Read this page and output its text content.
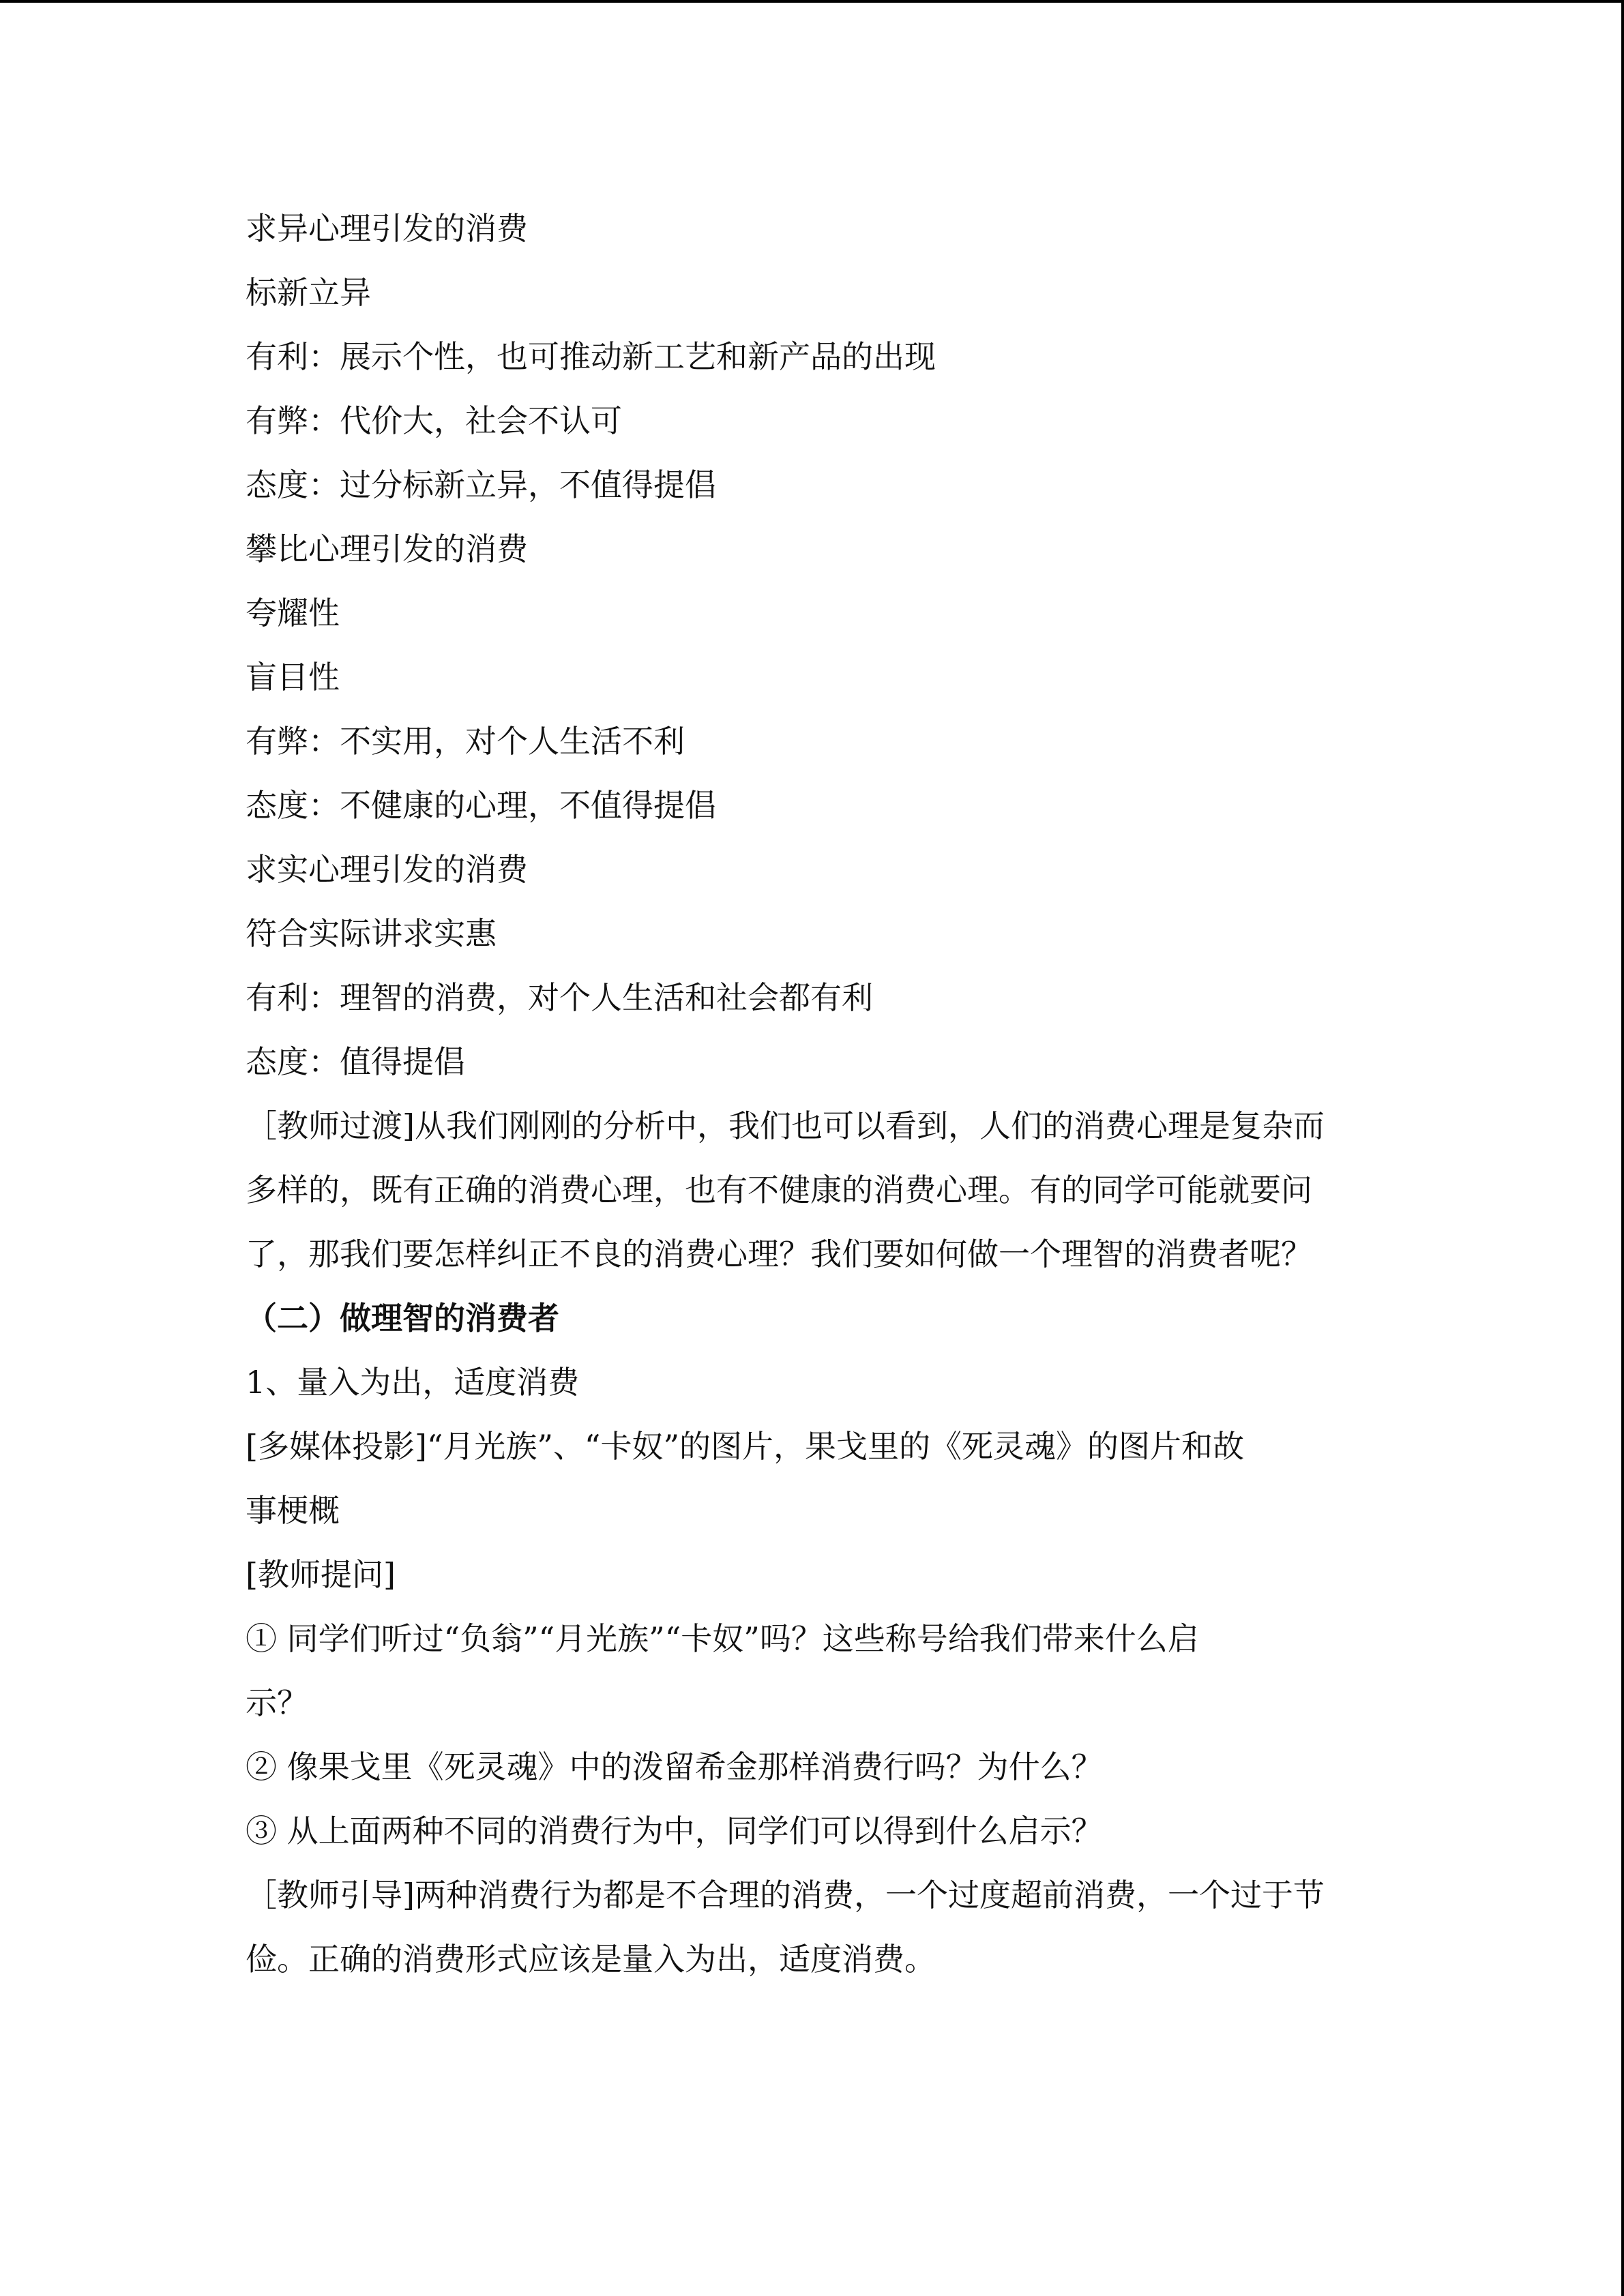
求异心理引发的消费
标新立异
有利：展示个性，也可推动新工艺和新产品的出现
有弊：代价大，社会不认可
态度：过分标新立异，不值得提倡
攀比心理引发的消费
夸耀性
盲目性
有弊：不实用，对个人生活不利
态度：不健康的心理，不值得提倡
求实心理引发的消费
符合实际讲求实惠
有利：理智的消费，对个人生活和社会都有利
态度：值得提倡
［教师过渡]从我们刚刚的分析中，我们也可以看到，人们的消费心理是复杂而
多样的，既有正确的消费心理，也有不健康的消费心理。有的同学可能就要问
了，那我们要怎样纠正不良的消费心理？我们要如何做一个理智的消费者呢？
（二）做理智的消费者
1、量入为出，适度消费
[多媒体投影]“月光族”、“卡奴”的图片，果戈里的《死灵魂》的图片和故
事梗概
[教师提问]
① 同学们听过“负翁”“月光族”“卡奴”吗？这些称号给我们带来什么启
示？
② 像果戈里《死灵魂》中的泼留希金那样消费行吗？为什么？
③ 从上面两种不同的消费行为中，同学们可以得到什么启示？
［教师引导]两种消费行为都是不合理的消费，一个过度超前消费，一个过于节
俭。正确的消费形式应该是量入为出，适度消费。
